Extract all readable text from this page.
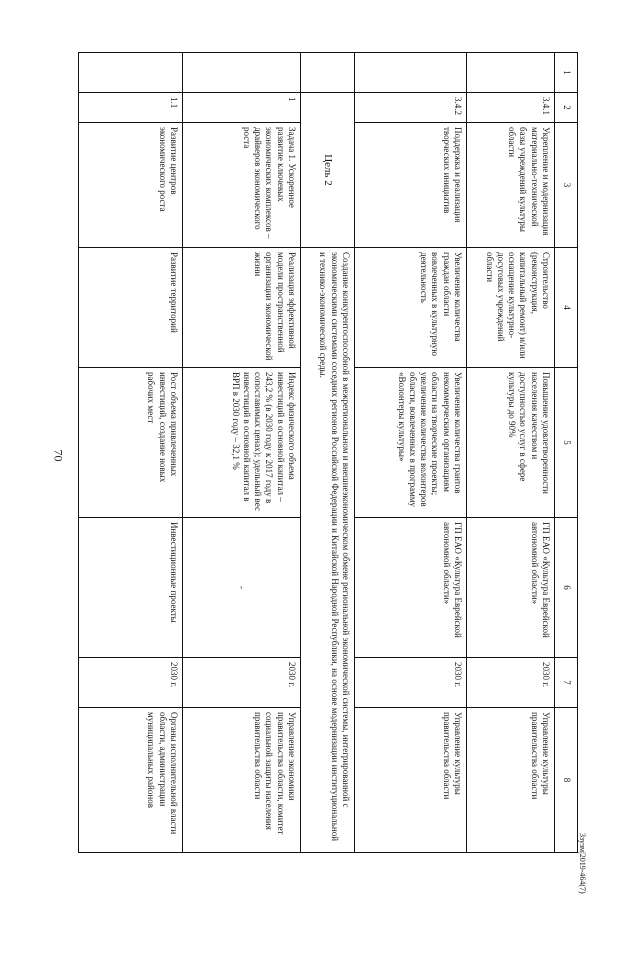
70
3зузм|2019-464(7)
1	2	3	4	5	6	7	8
	3.4.1	Укрепление и модернизация материально-технической базы учреждений культуры области	Строительство (реконструкция, капитальный ремонт) и/или оснащение культурно-досуговых учреждений области	Повышение удовлетворенности населения качеством и доступностью услуг в сфере культуры до 90%	ГП ЕАО «Культура Еврейской автономной области»	2030 г.	Управление культуры правительства области
	3.4.2	Поддержка и реализация творческих инициатив	Увеличение количества граждан области вовлеченных в культурную деятельность	Увеличение количества грантов некоммерческим организациям области на творческие проекты; увеличение количества волонтеров области, вовлеченных в программу «Волонтеры культуры»	ГП ЕАО «Культура Еврейской автономной области»	2030 г.	Управление культуры правительства области
	Цель 2		Создание конкурентоспособной в межрегиональном и внешнеэкономическом обмене региональной экономической системы, интегрированной с экономическими системами соседних регионов Российской Федерации и Китайской Народной Республики, на основе модернизации институциональной и технико-экономической среды.				
	1	Задача 1. Ускоренное развитие ключевых экономических комплексов – драйверов экономического роста	Реализация эффективной модели пространственной организации экономической жизни	Индекс физического объема инвестиций в основной капитал – 243,2 % (в 2030 году к 2017 году в сопоставимых ценах); удельный вес инвестиций в основной капитал в ВРП в 2030 году – 32,1 %	-	2030 г.	Управление экономики правительства области, комитет социальной защиты населения правительства области
	1.1	Развитие центров экономического роста	Развитие территорий	Рост объема привлеченных инвестиций, создание новых рабочих мест	Инвестиционные проекты	2030 г.	Органы исполнительной власти области, администрации муниципальных районов
